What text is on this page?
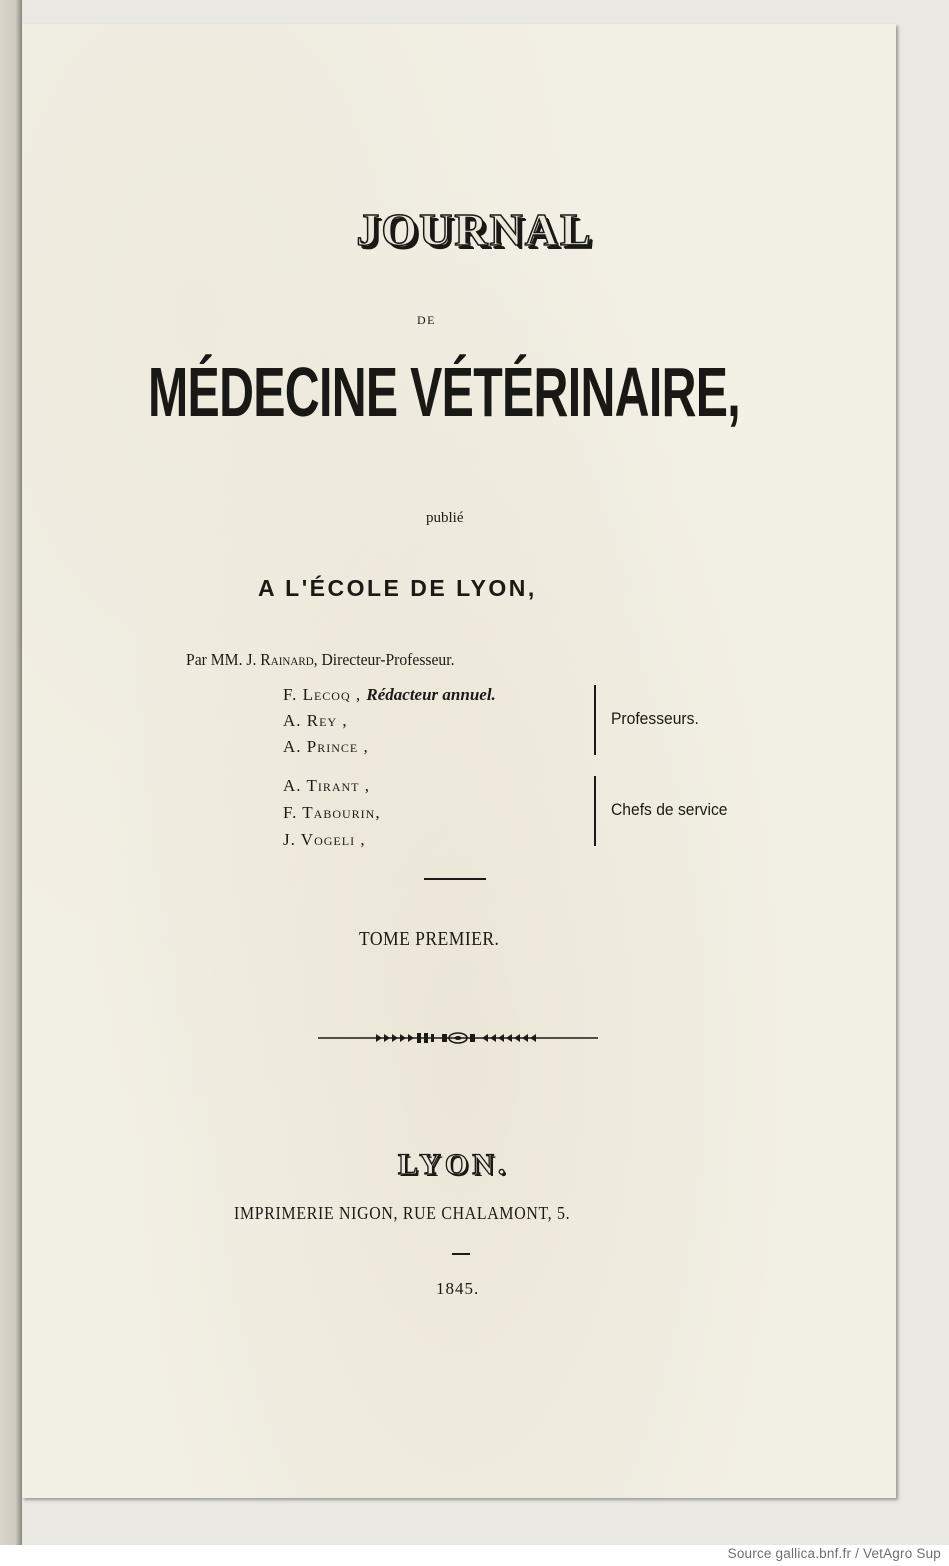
JOURNAL
DE
MÉDECINE VÉTÉRINAIRE,
publié
A L'ÉCOLE DE LYON,
Par MM. J. Rainard, Directeur-Professeur.
F. Lecoq , Rédacteur annuel.
A. Rey ,
A. Prince ,
Professeurs.
A. Tirant ,
F. Tabourin,
J. Vogeli ,
Chefs de service
TOME PREMIER.
LYON.
IMPRIMERIE NIGON, RUE CHALAMONT, 5.
1845.
Source gallica.bnf.fr / VetAgro Sup
